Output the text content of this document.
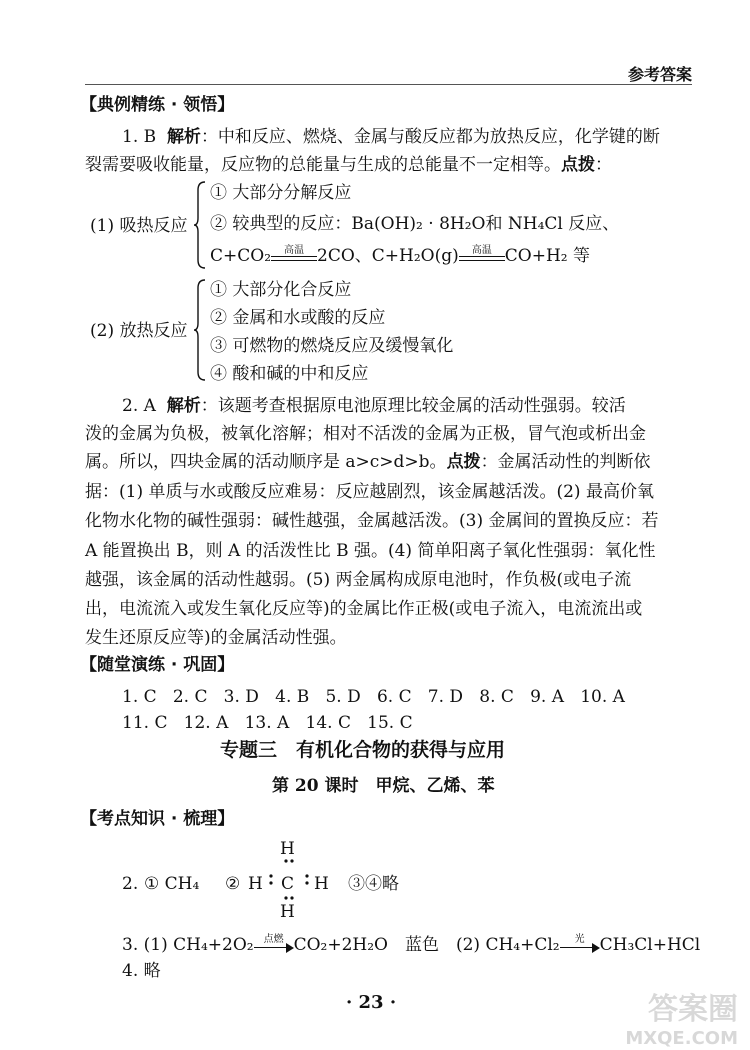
参考答案
【典例精练 · 领悟】
1. B 解析：中和反应、燃烧、金属与酸反应都为放热反应，化学键的断
裂需要吸收能量，反应物的总能量与生成的总能量不一定相等。点拨：
(1) 吸热反应
① 大部分分解反应
② 较典型的反应：Ba(OH)₂ · 8H₂O和 NH₄Cl 反应、
C+CO₂	高温 2CO、C+H₂O(g)	高温 CO+H₂ 等
(2) 放热反应
① 大部分化合反应
② 金属和水或酸的反应
③ 可燃物的燃烧反应及缓慢氧化
④ 酸和碱的中和反应
2. A 解析：该题考查根据原电池原理比较金属的活动性强弱。较活
泼的金属为负极，被氧化溶解；相对不活泼的金属为正极，冒气泡或析出金
属。所以，四块金属的活动顺序是 a>c>d>b。点拨：金属活动性的判断依
据：(1) 单质与水或酸反应难易：反应越剧烈，该金属越活泼。(2) 最高价氧
化物水化物的碱性强弱：碱性越强，金属越活泼。(3) 金属间的置换反应：若
A 能置换出 B，则 A 的活泼性比 B 强。(4) 简单阳离子氧化性强弱：氧化性
越强，该金属的活动性越弱。(5) 两金属构成原电池时，作负极(或电子流
出，电流流入或发生氧化反应等)的金属比作正极(或电子流入，电流流出或
发生还原反应等)的金属活动性强。
【随堂演练 · 巩固】
1. C   2. C   3. D   4. B   5. D   6. C   7. D   8. C   9. A   10. A
11. C   12. A   13. A   14. C   15. C
专题三　有机化合物的获得与应用
第 20 课时　甲烷、乙烯、苯
【考点知识 · 梳理】
2. ① CH₄ ②
H
H C H
H
③④略
3. (1) CH₄+2O₂	点燃 CO₂+2H₂O　蓝色　(2) CH₄+Cl₂	光 CH₃Cl+HCl
4. 略
· 23 ·	答案圈
MXQE.COM
